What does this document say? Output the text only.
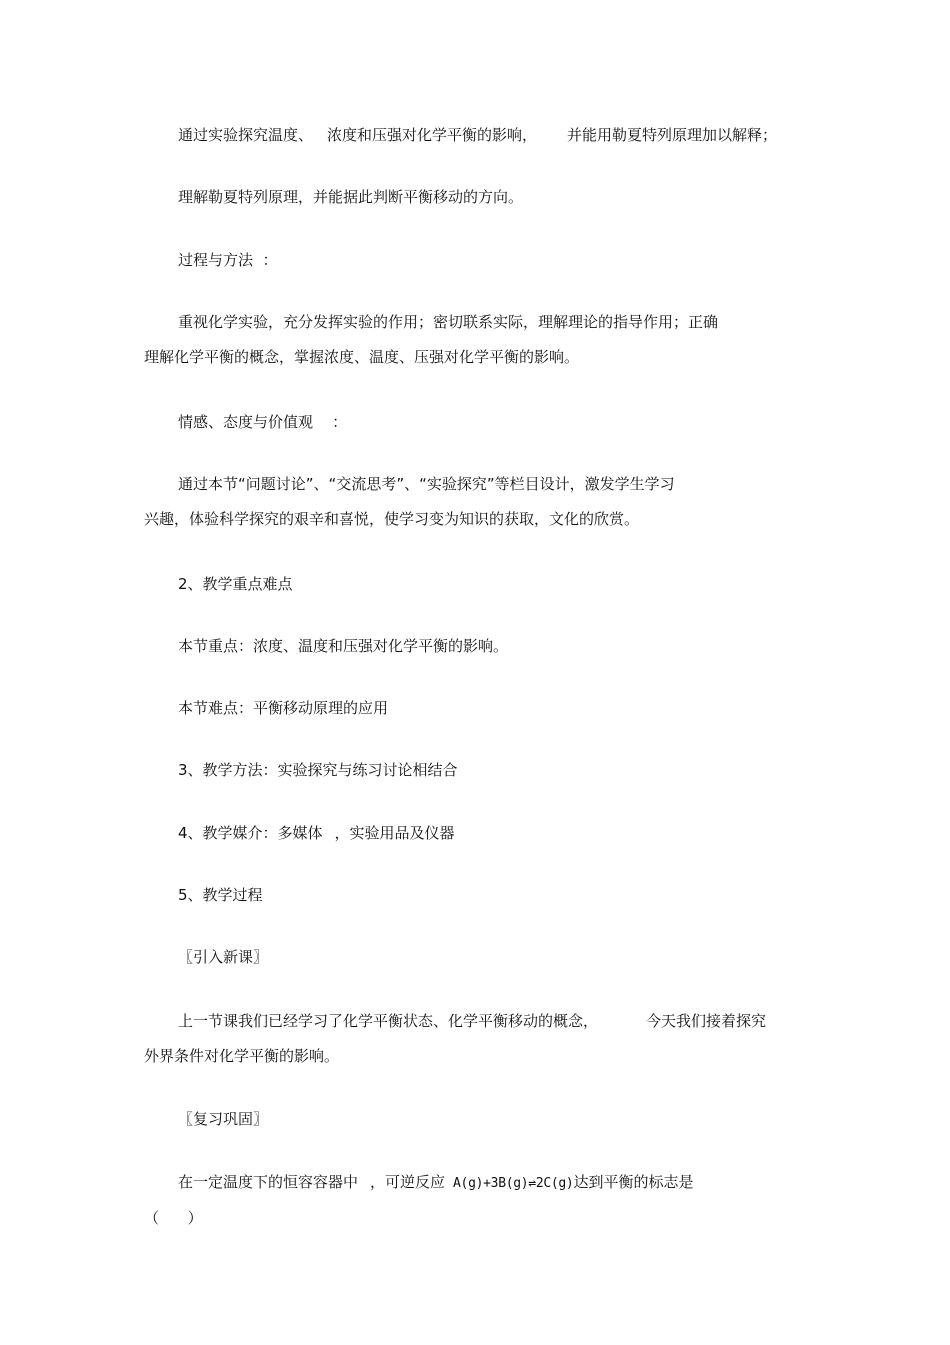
通过实验探究温度、 浓度和压强对化学平衡的影响， 并能用勒夏特列原理加以解释；
理解勒夏特列原理，并能据此判断平衡移动的方向。
过程与方法  ：
重视化学实验，充分发挥实验的作用；密切联系实际，理解理论的指导作用；正确
理解化学平衡的概念，掌握浓度、温度、压强对化学平衡的影响。
情感、态度与价值观    ：
通过本节“问题讨论”、“交流思考”、“实验探究”等栏目设计，激发学生学习
兴趣，体验科学探究的艰辛和喜悦，使学习变为知识的获取，文化的欣赏。
2、教学重点难点
本节重点：浓度、温度和压强对化学平衡的影响。
本节难点：平衡移动原理的应用
3、教学方法：实验探究与练习讨论相结合
4、教学媒介：多媒体 ，实验用品及仪器
5、教学过程
〖引入新课〗
上一节课我们已经学习了化学平衡状态、化学平衡移动的概念，	今天我们接着探究
外界条件对化学平衡的影响。
〖复习巩固〗
在一定温度下的恒容容器中 ，可逆反应 A(g)+3B(g)⇌2C(g)达到平衡的标志是
（      ）
